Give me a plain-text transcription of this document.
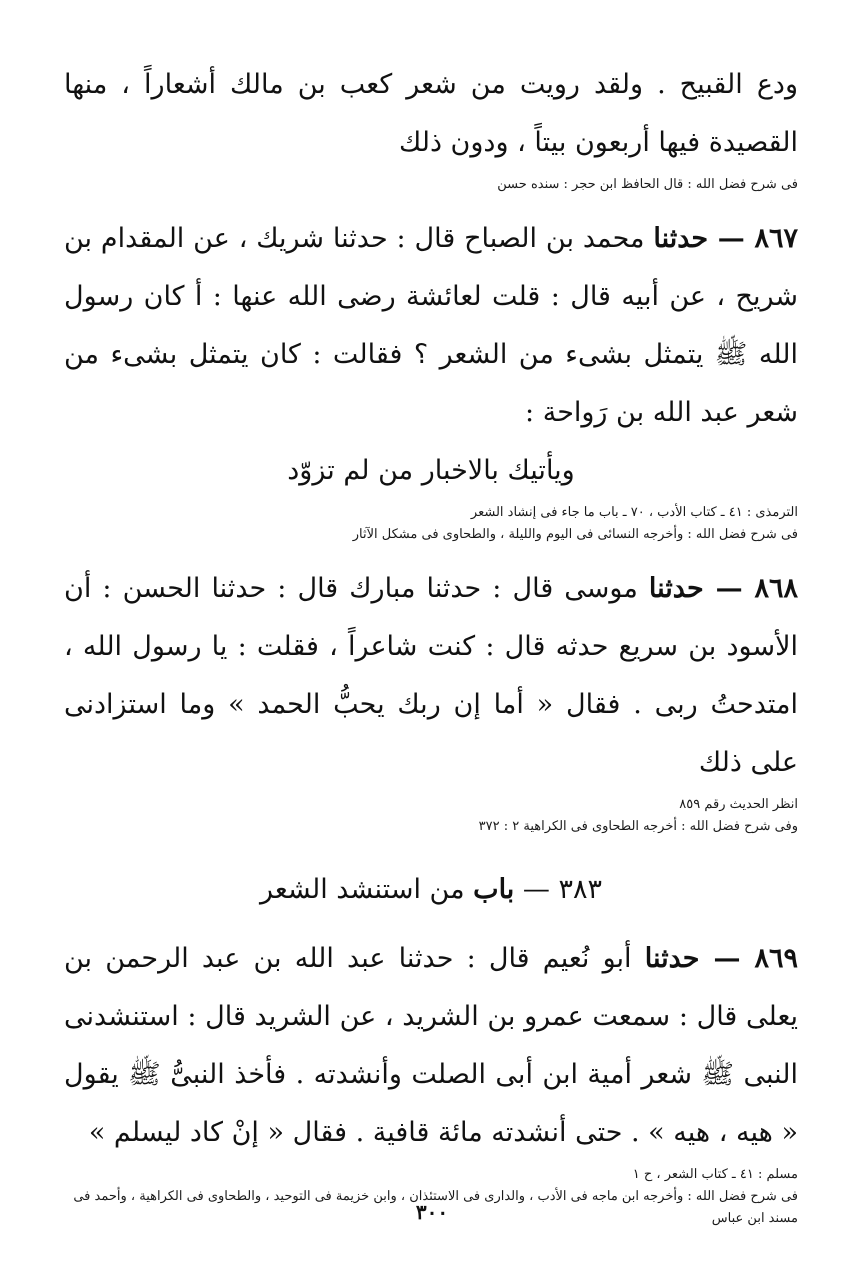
ودع القبيح . ولقد رويت من شعر كعب بن مالك أشعاراً ، منها القصيدة فيها أربعون بيتاً ، ودون ذلك

فى شرح فضل الله : قال الحافظ ابن حجر : سنده حسن

٨٦٧ — حدثنا محمد بن الصباح قال : حدثنا شريك ، عن المقدام بن شريح ، عن أبيه قال : قلت لعائشة رضى الله عنها : أ كان رسول الله ﷺ يتمثل بشىء من الشعر ؟ فقالت : كان يتمثل بشىء من شعر عبد الله بن رَواحة :

ويأتيك بالاخبار من لم تزوّد

الترمذى : ٤١ ـ كتاب الأدب ، ٧٠ ـ باب ما جاء فى إنشاد الشعر

فى شرح فضل الله : وأخرجه النسائى فى اليوم والليلة ، والطحاوى فى مشكل الآثار

٨٦٨ — حدثنا موسى قال : حدثنا مبارك قال : حدثنا الحسن : أن الأسود بن سريع حدثه قال : كنت شاعراً ، فقلت : يا رسول الله ، امتدحتُ ربى . فقال « أما إن ربك يحبُّ الحمد » وما استزادنى على ذلك

انظر الحديث رقم ٨٥٩

وفى شرح فضل الله : أخرجه الطحاوى فى الكراهية ٢ : ٣٧٢

٣٨٣ — باب من استنشد الشعر

٨٦٩ — حدثنا أبو نُعيم قال : حدثنا عبد الله بن عبد الرحمن بن يعلى قال : سمعت عمرو بن الشريد ، عن الشريد قال : استنشدنى النبى ﷺ شعر أمية ابن أبى الصلت وأنشدته . فأخذ النبىُّ ﷺ يقول « هيه ، هيه » . حتى أنشدته مائة قافية . فقال « إنْ كاد ليسلم »

مسلم : ٤١ ـ كتاب الشعر ، ح ١

فى شرح فضل الله : وأخرجه ابن ماجه فى الأدب ، والدارى فى الاستئذان ، وابن خزيمة فى التوحيد ، والطحاوى فى الكراهية ، وأحمد فى مسند ابن عباس

٣٠٠
